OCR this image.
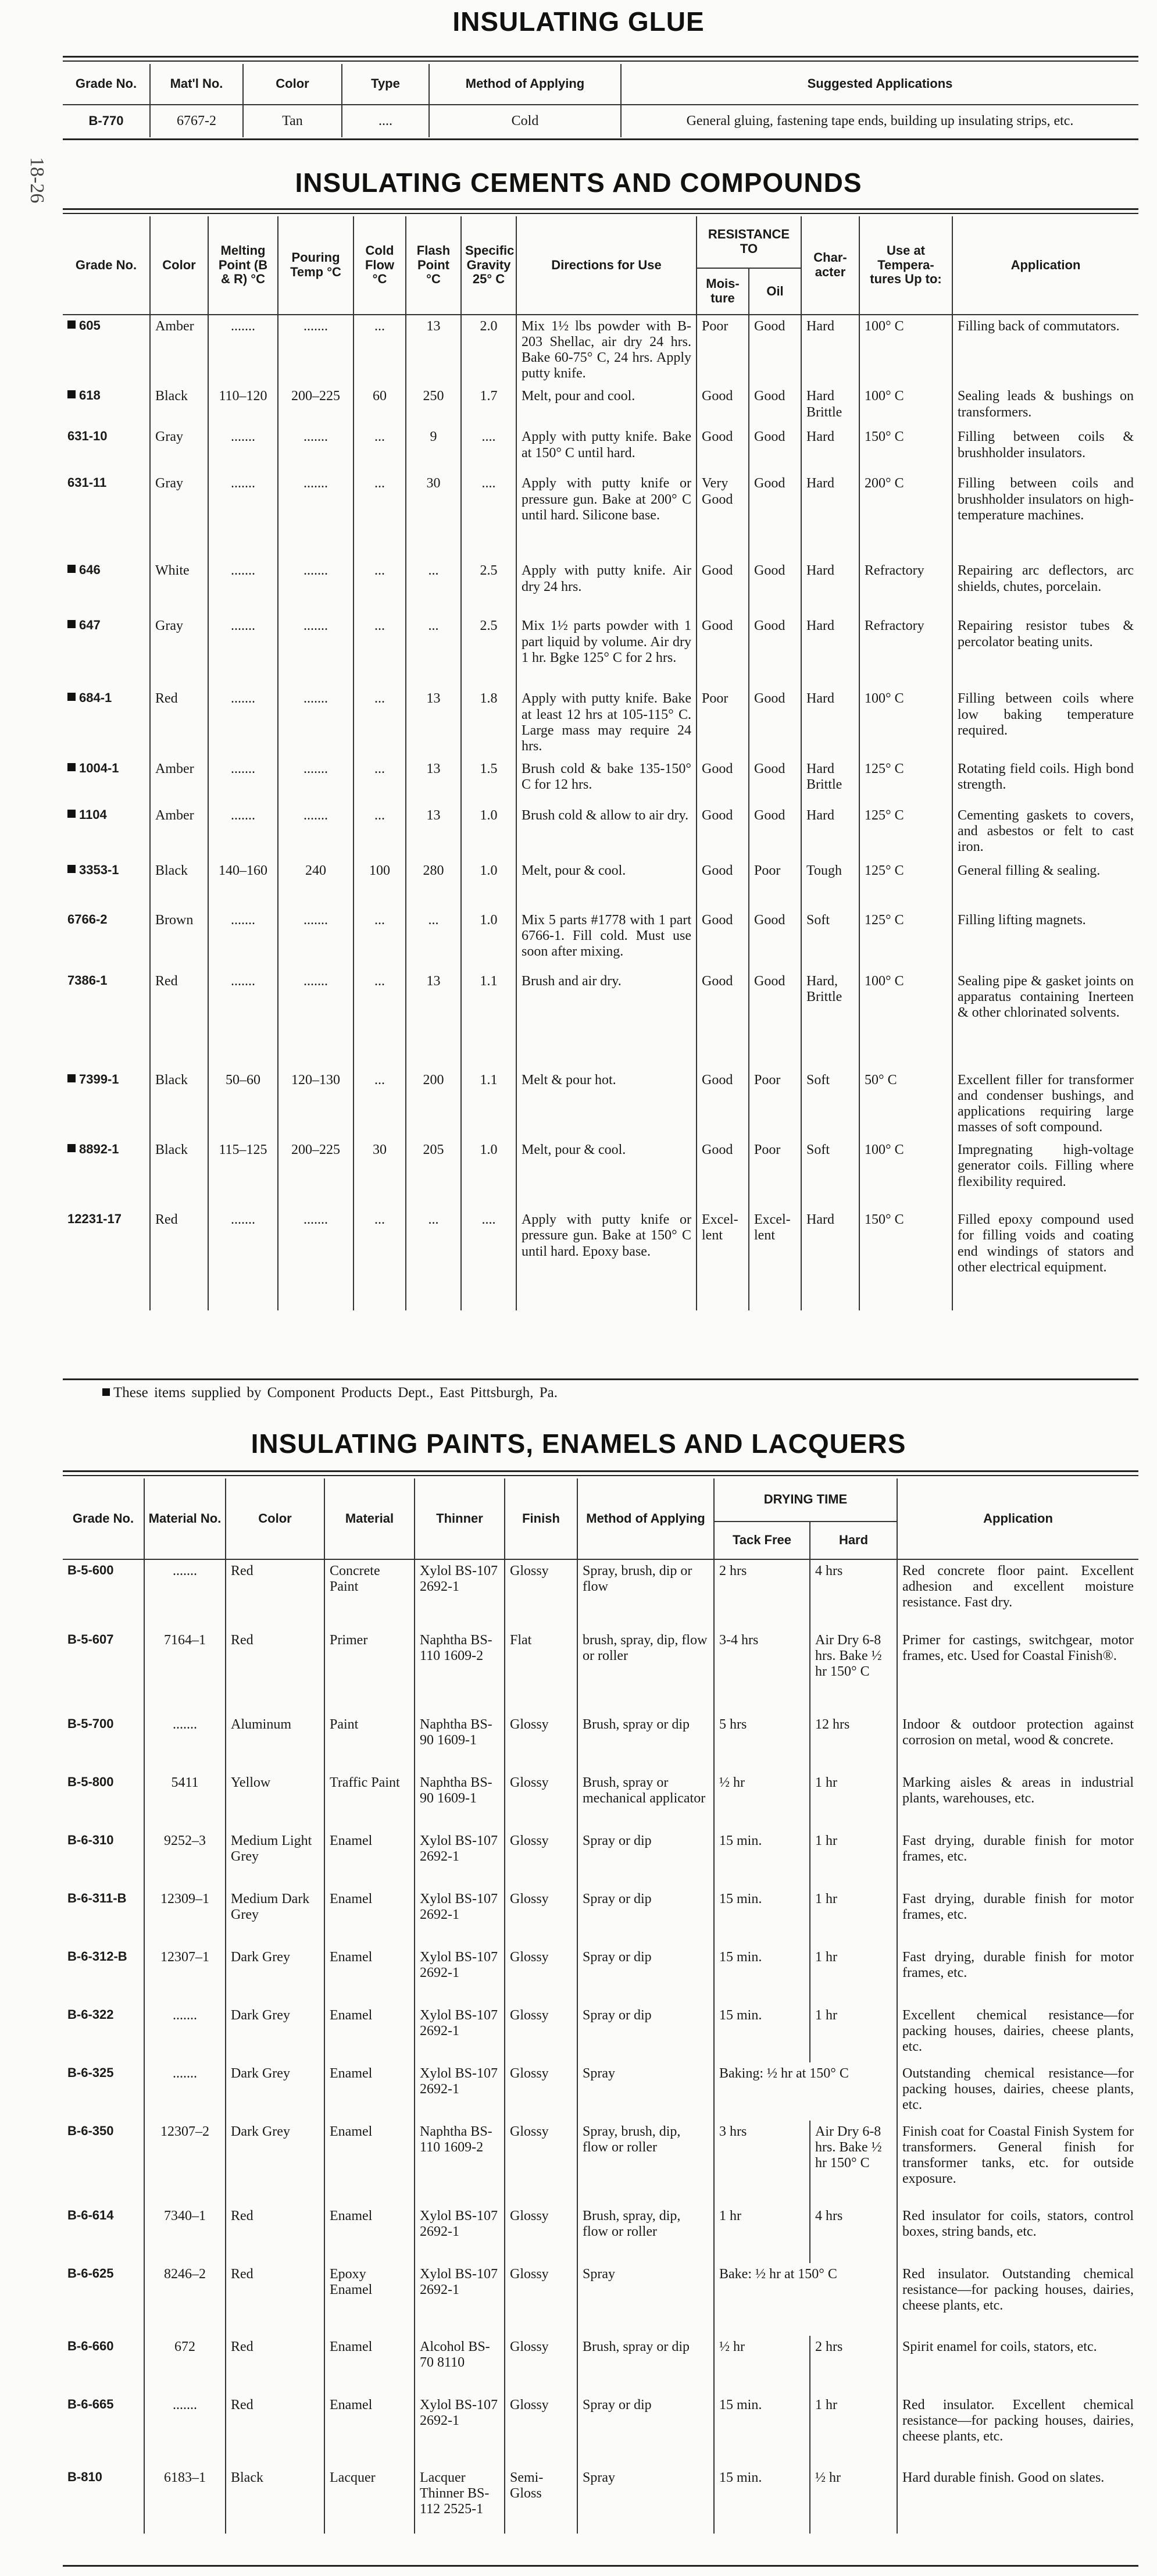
18-26
INSULATING GLUE
Grade No.	Mat'l No.	Color	Type	Method of Applying	Suggested Applications
B-770	6767-2	Tan	....	Cold	General gluing, fastening tape ends, building up insulating strips, etc.
INSULATING CEMENTS AND COMPOUNDS
Grade No.	Color	Melting Point (B & R) °C	Pouring Temp °C	Cold Flow °C	Flash Point °C	Specific Gravity 25° C	Directions for Use	RESISTANCE TO		Char-acter	Use at Tempera-tures Up to:	Application
								Mois-ture	Oil			
605	Amber	.......	.......	...	13	2.0	Mix 1½ lbs powder with B-203 Shellac, air dry 24 hrs. Bake 60-75° C, 24 hrs. Apply putty knife.	Poor	Good	Hard	100° C	Filling back of commutators.
618	Black	110–120	200–225	60	250	1.7	Melt, pour and cool.	Good	Good	Hard Brittle	100° C	Sealing leads & bushings on transformers.
631-10	Gray	.......	.......	...	9	....	Apply with putty knife. Bake at 150° C until hard.	Good	Good	Hard	150° C	Filling between coils & brushholder insulators.
631-11	Gray	.......	.......	...	30	....	Apply with putty knife or pressure gun. Bake at 200° C until hard. Silicone base.	Very Good	Good	Hard	200° C	Filling between coils and brushholder insulators on high-temperature machines.
646	White	.......	.......	...	...	2.5	Apply with putty knife. Air dry 24 hrs.	Good	Good	Hard	Refractory	Repairing arc deflectors, arc shields, chutes, porcelain.
647	Gray	.......	.......	...	...	2.5	Mix 1½ parts powder with 1 part liquid by volume. Air dry 1 hr. Bgke 125° C for 2 hrs.	Good	Good	Hard	Refractory	Repairing resistor tubes & percolator beating units.
684-1	Red	.......	.......	...	13	1.8	Apply with putty knife. Bake at least 12 hrs at 105-115° C. Large mass may require 24 hrs.	Poor	Good	Hard	100° C	Filling between coils where low baking temperature required.
1004-1	Amber	.......	.......	...	13	1.5	Brush cold & bake 135-150° C for 12 hrs.	Good	Good	Hard Brittle	125° C	Rotating field coils. High bond strength.
1104	Amber	.......	.......	...	13	1.0	Brush cold & allow to air dry.	Good	Good	Hard	125° C	Cementing gaskets to covers, and asbestos or felt to cast iron.
3353-1	Black	140–160	240	100	280	1.0	Melt, pour & cool.	Good	Poor	Tough	125° C	General filling & sealing.
6766-2	Brown	.......	.......	...	...	1.0	Mix 5 parts #1778 with 1 part 6766-1. Fill cold. Must use soon after mixing.	Good	Good	Soft	125° C	Filling lifting magnets.
7386-1	Red	.......	.......	...	13	1.1	Brush and air dry.	Good	Good	Hard, Brittle	100° C	Sealing pipe & gasket joints on apparatus containing Inerteen & other chlorinated solvents.
7399-1	Black	50–60	120–130	...	200	1.1	Melt & pour hot.	Good	Poor	Soft	50° C	Excellent filler for transformer and condenser bushings, and applications requiring large masses of soft compound.
8892-1	Black	115–125	200–225	30	205	1.0	Melt, pour & cool.	Good	Poor	Soft	100° C	Impregnating high-voltage generator coils. Filling where flexibility required.
12231-17	Red	.......	.......	...	...	....	Apply with putty knife or pressure gun. Bake at 150° C until hard. Epoxy base.	Excel-lent	Excel-lent	Hard	150° C	Filled epoxy compound used for filling voids and coating end windings of stators and other electrical equipment.
These items supplied by Component Products Dept., East Pittsburgh, Pa.
INSULATING PAINTS, ENAMELS AND LACQUERS
Grade No.	Material No.	Color	Material	Thinner	Finish	Method of Applying	DRYING TIME		Application
							Tack Free	Hard	
B-5-600	.......	Red	Concrete Paint	Xylol BS-107 2692-1	Glossy	Spray, brush, dip or flow	2 hrs	4 hrs	Red concrete floor paint. Excellent adhesion and excellent moisture resistance. Fast dry.
B-5-607	7164–1	Red	Primer	Naphtha BS-110 1609-2	Flat	brush, spray, dip, flow or roller	3-4 hrs	Air Dry 6-8 hrs. Bake ½ hr 150° C	Primer for castings, switchgear, motor frames, etc. Used for Coastal Finish®.
B-5-700	.......	Aluminum	Paint	Naphtha BS-90 1609-1	Glossy	Brush, spray or dip	5 hrs	12 hrs	Indoor & outdoor protection against corrosion on metal, wood & concrete.
B-5-800	5411	Yellow	Traffic Paint	Naphtha BS-90 1609-1	Glossy	Brush, spray or mechanical applicator	½ hr	1 hr	Marking aisles & areas in industrial plants, warehouses, etc.
B-6-310	9252–3	Medium Light Grey	Enamel	Xylol BS-107 2692-1	Glossy	Spray or dip	15 min.	1 hr	Fast drying, durable finish for motor frames, etc.
B-6-311-B	12309–1	Medium Dark Grey	Enamel	Xylol BS-107 2692-1	Glossy	Spray or dip	15 min.	1 hr	Fast drying, durable finish for motor frames, etc.
B-6-312-B	12307–1	Dark Grey	Enamel	Xylol BS-107 2692-1	Glossy	Spray or dip	15 min.	1 hr	Fast drying, durable finish for motor frames, etc.
B-6-322	.......	Dark Grey	Enamel	Xylol BS-107 2692-1	Glossy	Spray or dip	15 min.	1 hr	Excellent chemical resistance—for packing houses, dairies, cheese plants, etc.
B-6-325	.......	Dark Grey	Enamel	Xylol BS-107 2692-1	Glossy	Spray	Baking: ½ hr at 150° C		Outstanding chemical resistance—for packing houses, dairies, cheese plants, etc.
B-6-350	12307–2	Dark Grey	Enamel	Naphtha BS-110 1609-2	Glossy	Spray, brush, dip, flow or roller	3 hrs	Air Dry 6-8 hrs. Bake ½ hr 150° C	Finish coat for Coastal Finish System for transformers. General finish for transformer tanks, etc. for outside exposure.
B-6-614	7340–1	Red	Enamel	Xylol BS-107 2692-1	Glossy	Brush, spray, dip, flow or roller	1 hr	4 hrs	Red insulator for coils, stators, control boxes, string bands, etc.
B-6-625	8246–2	Red	Epoxy Enamel	Xylol BS-107 2692-1	Glossy	Spray	Bake: ½ hr at 150° C		Red insulator. Outstanding chemical resistance—for packing houses, dairies, cheese plants, etc.
B-6-660	672	Red	Enamel	Alcohol BS-70 8110	Glossy	Brush, spray or dip	½ hr	2 hrs	Spirit enamel for coils, stators, etc.
B-6-665	.......	Red	Enamel	Xylol BS-107 2692-1	Glossy	Spray or dip	15 min.	1 hr	Red insulator. Excellent chemical resistance—for packing houses, dairies, cheese plants, etc.
B-810	6183–1	Black	Lacquer	Lacquer Thinner BS-112 2525-1	Semi-Gloss	Spray	15 min.	½ hr	Hard durable finish. Good on slates.
